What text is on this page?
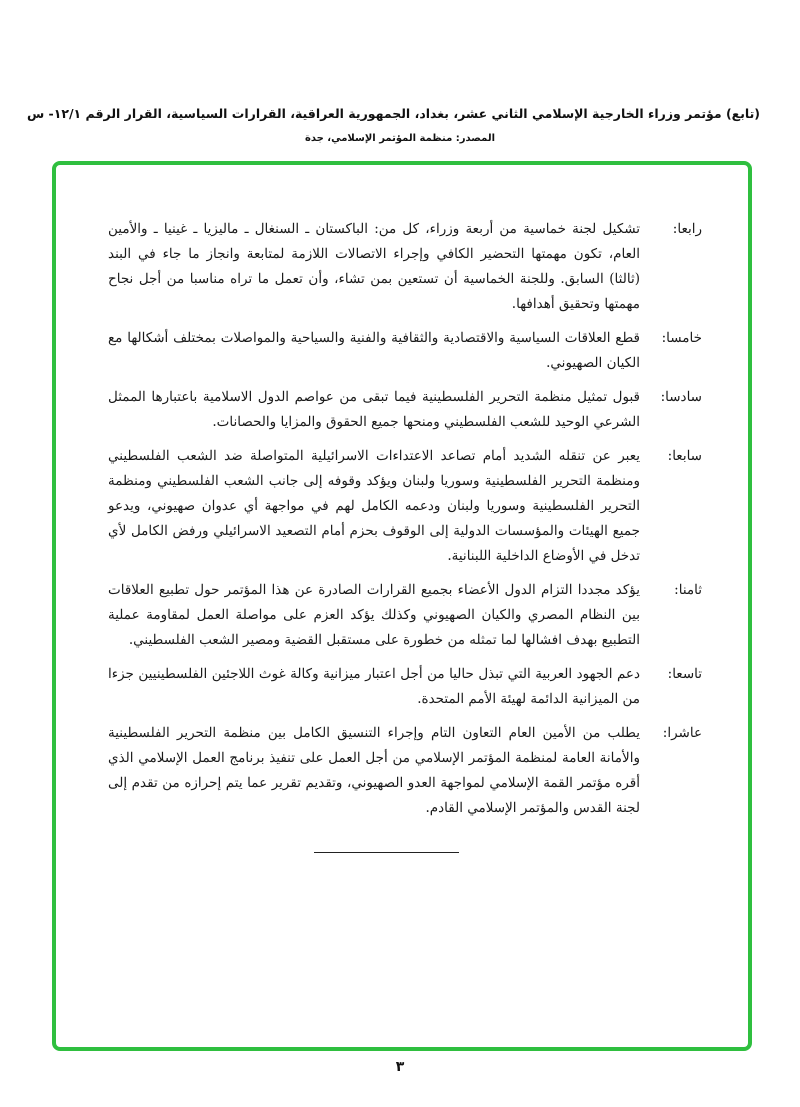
(تابع) مؤتمر وزراء الخارجية الإسلامي الثاني عشر، بغداد، الجمهورية العراقية، القرارات السياسية، القرار الرقم ١٢/١- س
المصدر: منظمة المؤتمر الإسلامي، جدة
رابعا:
تشكيل لجنة خماسية من أربعة وزراء، كل من: الباكستان ـ السنغال ـ ماليزيا ـ غينيا ـ والأمين العام، تكون مهمتها التحضير الكافي وإجراء الاتصالات اللازمة لمتابعة وانجاز ما جاء في البند (ثالثا) السابق. وللجنة الخماسية أن تستعين بمن تشاء، وأن تعمل ما تراه مناسبا من أجل نجاح مهمتها وتحقيق أهدافها.
خامسا:
قطع العلاقات السياسية والاقتصادية والثقافية والفنية والسياحية والمواصلات بمختلف أشكالها مع الكيان الصهيوني.
سادسا:
قبول تمثيل منظمة التحرير الفلسطينية فيما تبقى من عواصم الدول الاسلامية باعتبارها الممثل الشرعي الوحيد للشعب الفلسطيني ومنحها جميع الحقوق والمزايا والحصانات.
سابعا:
يعبر عن تنقله الشديد أمام تصاعد الاعتداءات الاسرائيلية المتواصلة ضد الشعب الفلسطيني ومنظمة التحرير الفلسطينية وسوريا ولبنان ويؤكد وقوفه إلى جانب الشعب الفلسطيني ومنظمة التحرير الفلسطينية وسوريا ولبنان ودعمه الكامل لهم في مواجهة أي عدوان صهيوني، ويدعو جميع الهيئات والمؤسسات الدولية إلى الوقوف بحزم أمام التصعيد الاسرائيلي ورفض الكامل لأي تدخل في الأوضاع الداخلية اللبنانية.
ثامنا:
يؤكد مجددا التزام الدول الأعضاء بجميع القرارات الصادرة عن هذا المؤتمر حول تطبيع العلاقات بين النظام المصري والكيان الصهيوني وكذلك يؤكد العزم على مواصلة العمل لمقاومة عملية التطبيع بهدف افشالها لما تمثله من خطورة على مستقبل القضية ومصير الشعب الفلسطيني.
تاسعا:
دعم الجهود العربية التي تبذل حاليا من أجل اعتبار ميزانية وكالة غوث اللاجئين الفلسطينيين جزءا من الميزانية الدائمة لهيئة الأمم المتحدة.
عاشرا:
يطلب من الأمين العام التعاون التام وإجراء التنسيق الكامل بين منظمة التحرير الفلسطينية والأمانة العامة لمنظمة المؤتمر الإسلامي من أجل العمل على تنفيذ برنامج العمل الإسلامي الذي أقره مؤتمر القمة الإسلامي لمواجهة العدو الصهيوني، وتقديم تقرير عما يتم إحرازه من تقدم إلى لجنة القدس والمؤتمر الإسلامي القادم.
٣
